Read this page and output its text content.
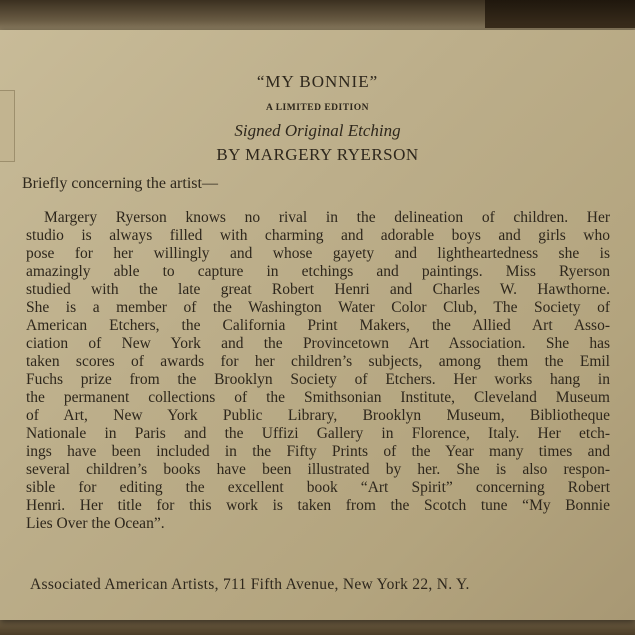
“MY BONNIE”
A LIMITED EDITION
Signed Original Etching
BY MARGERY RYERSON
Briefly concerning the artist—
Margery Ryerson knows no rival in the delineation of children. Her
studio is always filled with charming and adorable boys and girls who
pose for her willingly and whose gayety and lightheartedness she is
amazingly able to capture in etchings and paintings. Miss Ryerson
studied with the late great Robert Henri and Charles W. Hawthorne.
She is a member of the Washington Water Color Club, The Society of
American Etchers, the California Print Makers, the Allied Art Asso-
ciation of New York and the Provincetown Art Association. She has
taken scores of awards for her children’s subjects, among them the Emil
Fuchs prize from the Brooklyn Society of Etchers. Her works hang in
the permanent collections of the Smithsonian Institute, Cleveland Museum
of Art, New York Public Library, Brooklyn Museum, Bibliotheque
Nationale in Paris and the Uffizi Gallery in Florence, Italy. Her etch-
ings have been included in the Fifty Prints of the Year many times and
several children’s books have been illustrated by her. She is also respon-
sible for editing the excellent book “Art Spirit” concerning Robert
Henri. Her title for this work is taken from the Scotch tune “My Bonnie
Lies Over the Ocean”.
Associated American Artists, 711 Fifth Avenue, New York 22, N. Y.
